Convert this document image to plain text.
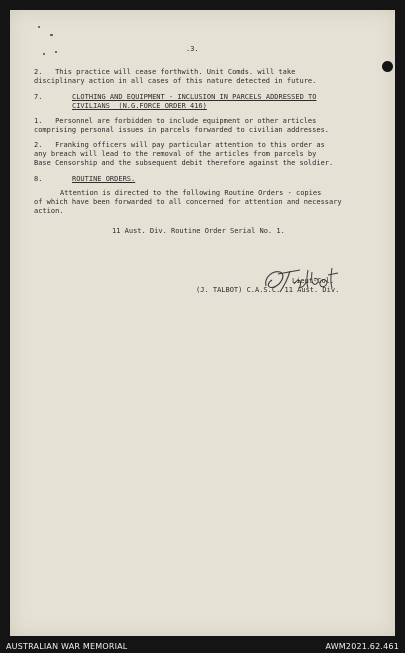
.3.
2.   This practice will cease forthwith. Unit Comds. will take
disciplinary action in all cases of this nature detected in future.
7.	CLOTHING AND EQUIPMENT - INCLUSION IN PARCELS ADDRESSED TO
CIVILIANS  (N.G.FORCE ORDER 416)
1.   Personnel are forbidden to include equipment or other articles
comprising personal issues in parcels forwarded to civilian addresses.
2.   Franking officers will pay particular attention to this order as
any breach will lead to the removal of the articles from parcels by
Base Censorship and the subsequent debit therefore against the soldier.
8.	ROUTINE ORDERS.
Attention is directed to the following Routine Orders - copies
of which have been forwarded to all concerned for attention and necessary
action.
11 Aust. Div. Routine Order Serial No. 1.
Lieut-Col.
(J. TALBOT) C.A.S.C. 11 Aust. Div.
AUSTRALIAN WAR MEMORIAL	AWM2021.62.461
